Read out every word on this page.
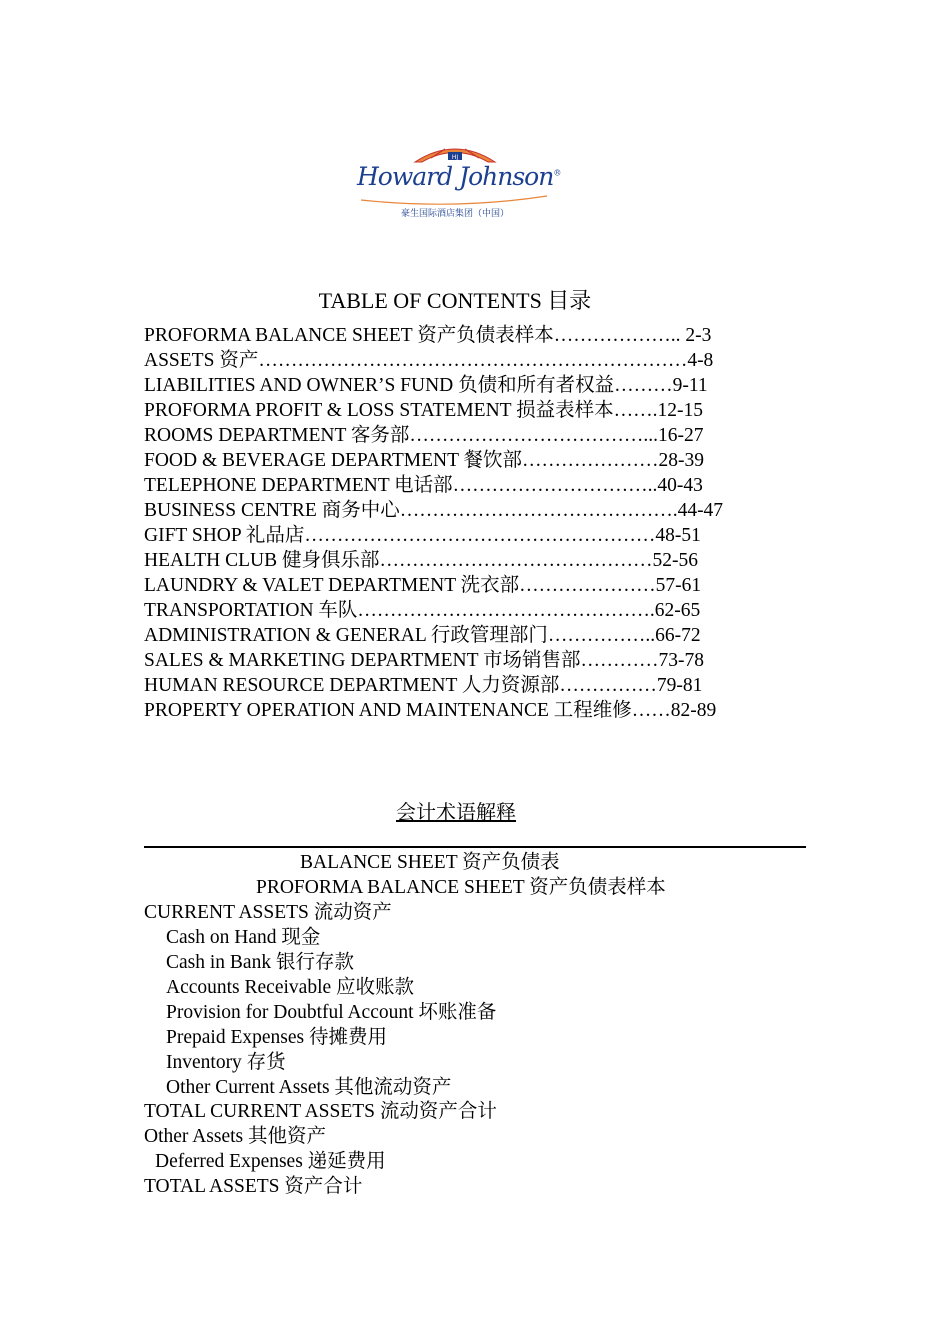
HJ
Howard Johnson®
豪生国际酒店集团（中国）
TABLE OF CONTENTS 目录
PROFORMA BALANCE SHEET 资产负债表样本……………….. 2-3
ASSETS 资产…………………………………………………………4-8
LIABILITIES AND OWNER’S FUND 负债和所有者权益………9-11
PROFORMA PROFIT & LOSS STATEMENT 损益表样本…….12-15
ROOMS DEPARTMENT 客务部………………………………...16-27
FOOD & BEVERAGE DEPARTMENT 餐饮部…………………28-39
TELEPHONE DEPARTMENT 电话部…………………………..40-43
BUSINESS CENTRE 商务中心…………………………………….44-47
GIFT SHOP 礼品店………………………………………………48-51
HEALTH CLUB 健身俱乐部……………………………………52-56
LAUNDRY & VALET DEPARTMENT 洗衣部…………………57-61
TRANSPORTATION 车队……………………………………….62-65
ADMINISTRATION & GENERAL 行政管理部门……………..66-72
SALES & MARKETING DEPARTMENT 市场销售部…………73-78
HUMAN RESOURCE DEPARTMENT 人力资源部……………79-81
PROPERTY OPERATION AND MAINTENANCE 工程维修……82-89
会计术语解释
BALANCE SHEET 资产负债表
PROFORMA BALANCE SHEET 资产负债表样本
CURRENT ASSETS 流动资产
Cash on Hand 现金
Cash in Bank 银行存款
Accounts Receivable 应收账款
Provision for Doubtful Account 坏账准备
Prepaid Expenses 待摊费用
Inventory 存货
Other Current Assets 其他流动资产
TOTAL CURRENT ASSETS 流动资产合计
Other Assets 其他资产
Deferred Expenses 递延费用
TOTAL ASSETS 资产合计
